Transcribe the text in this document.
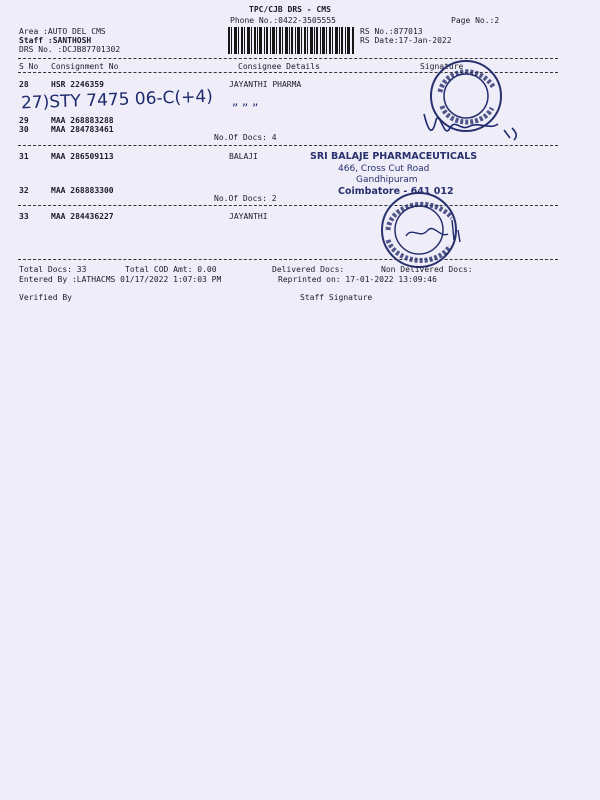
TPC/CJB DRS - CMS
Phone No.:0422-3505555	Page No.:2
Area :AUTO DEL CMS
Staff :SANTHOSH
DRS No. :DCJB87701302
RS No.:877013
RS Date:17-Jan-2022
S No Consignment No	Consignee Details	Signature
28	HSR 2246359	JAYANTHI PHARMA
27)STY 7475 06-C(+4) „ „ „
29	MAA 268883288
30	MAA 284783461
No.Of Docs: 4
31	MAA 286509113	BALAJI
32	MAA 268883300
No.Of Docs: 2
33	MAA 284436227	JAYANTHI
SRI BALAJE PHARMACEUTICALS
466, Cross Cut Road
Gandhipuram
Coimbatore - 641 012
Total Docs: 33	Total COD Amt: 0.00	Delivered Docs:	Non Delivered Docs:
Entered By :LATHACMS 01/17/2022 1:07:03 PM	Reprinted on: 17-01-2022 13:09:46
Verified By	Staff Signature
